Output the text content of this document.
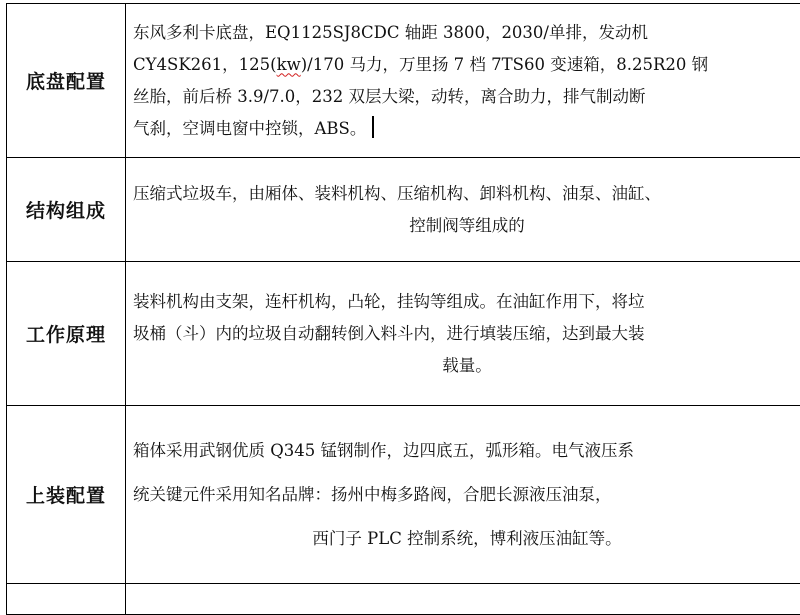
底盘配置	东风多利卡底盘，EQ1125SJ8CDC 轴距 3800，2030/单排，发动机
CY4SK261，125(kw)/170 马力，万里扬 7 档 7TS60 变速箱，8.25R20 钢
丝胎，前后桥 3.9/7.0，232 双层大梁，动转，离合助力，排气制动断
气刹，空调电窗中控锁，ABS。

结构组成	压缩式垃圾车，由厢体、装料机构、压缩机构、卸料机构、油泵、油缸、
控制阀等组成的

工作原理	装料机构由支架，连杆机构，凸轮，挂钩等组成。在油缸作用下，将垃
圾桶（斗）内的垃圾自动翻转倒入料斗内，进行填装压缩，达到最大装
载量。

上装配置	箱体采用武钢优质 Q345 锰钢制作，边四底五，弧形箱。电气液压系
统关键元件采用知名品牌：扬州中梅多路阀，合肥长源液压油泵，
西门子 PLC 控制系统，博利液压油缸等。
